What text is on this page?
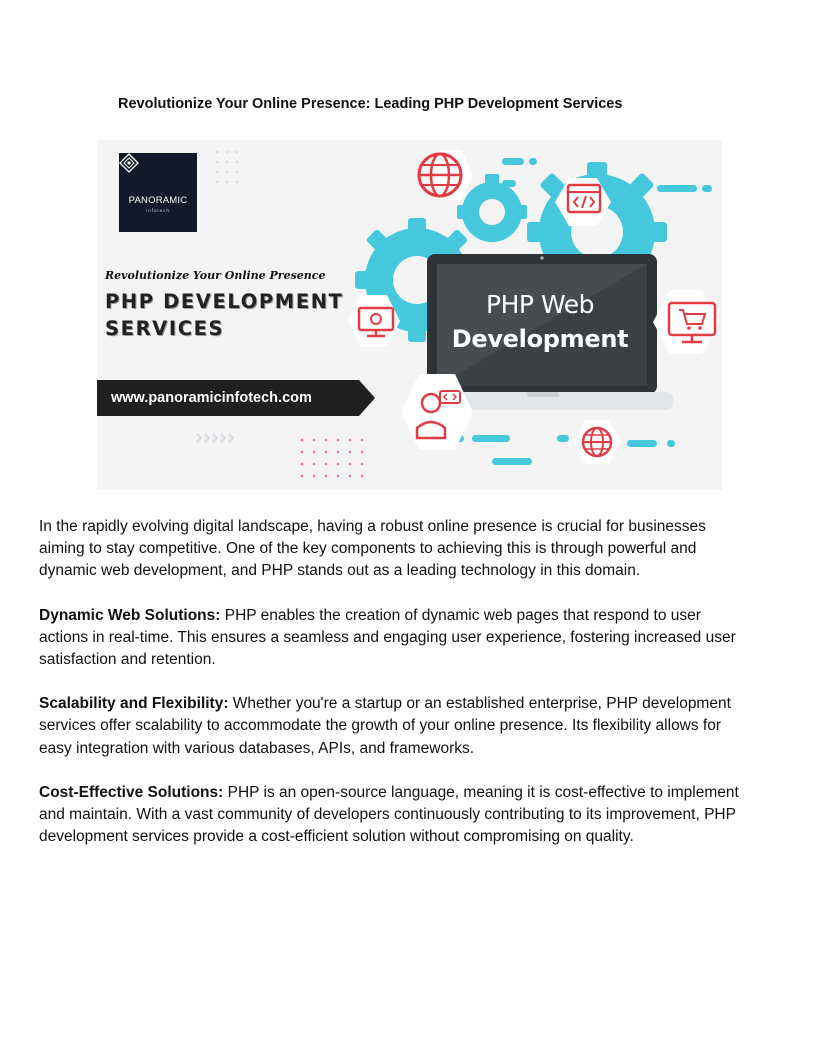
Revolutionize Your Online Presence: Leading PHP Development Services
PANORAMIC
infotech
Revolutionize Your Online Presence
PHP DEVELOPMENT
SERVICES
www.panoramicinfotech.com
PHP Web
Development

In the rapidly evolving digital landscape, having a robust online presence is crucial for businesses aiming to stay competitive. One of the key components to achieving this is through powerful and dynamic web development, and PHP stands out as a leading technology in this domain.

Dynamic Web Solutions: PHP enables the creation of dynamic web pages that respond to user actions in real-time. This ensures a seamless and engaging user experience, fostering increased user satisfaction and retention.

Scalability and Flexibility: Whether you're a startup or an established enterprise, PHP development services offer scalability to accommodate the growth of your online presence. Its flexibility allows for easy integration with various databases, APIs, and frameworks.

Cost-Effective Solutions: PHP is an open-source language, meaning it is cost-effective to implement and maintain. With a vast community of developers continuously contributing to its improvement, PHP development services provide a cost-efficient solution without compromising on quality.
